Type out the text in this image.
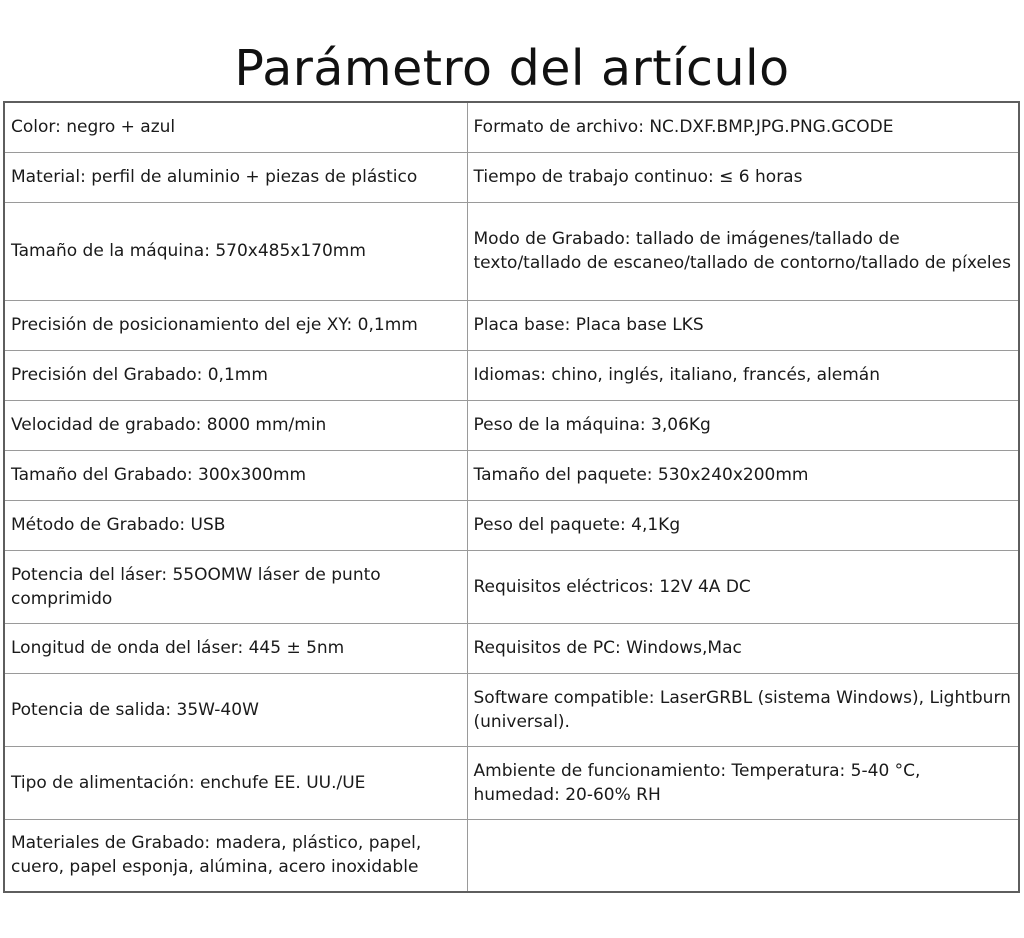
Parámetro del artículo
Color: negro + azul	Formato de archivo: NC.DXF.BMP.JPG.PNG.GCODE
Material: perfil de aluminio + piezas de plástico	Tiempo de trabajo continuo: ≤ 6 horas
Tamaño de la máquina: 570x485x170mm	Modo de Grabado: tallado de imágenes/tallado de texto/tallado de escaneo/tallado de contorno/tallado de píxeles
Precisión de posicionamiento del eje XY: 0,1mm	Placa base: Placa base LKS
Precisión del Grabado: 0,1mm	Idiomas: chino, inglés, italiano, francés, alemán
Velocidad de grabado: 8000 mm/min	Peso de la máquina: 3,06Kg
Tamaño del Grabado: 300x300mm	Tamaño del paquete: 530x240x200mm
Método de Grabado: USB	Peso del paquete: 4,1Kg
Potencia del láser: 55OOMW láser de punto comprimido	Requisitos eléctricos: 12V 4A DC
Longitud de onda del láser: 445 ± 5nm	Requisitos de PC: Windows,Mac
Potencia de salida: 35W-40W	Software compatible: LaserGRBL (sistema Windows), Lightburn (universal).
Tipo de alimentación: enchufe EE. UU./UE	Ambiente de funcionamiento: Temperatura: 5-40 °C, humedad: 20-60% RH
Materiales de Grabado: madera, plástico, papel, cuero, papel esponja, alúmina, acero inoxidable	
